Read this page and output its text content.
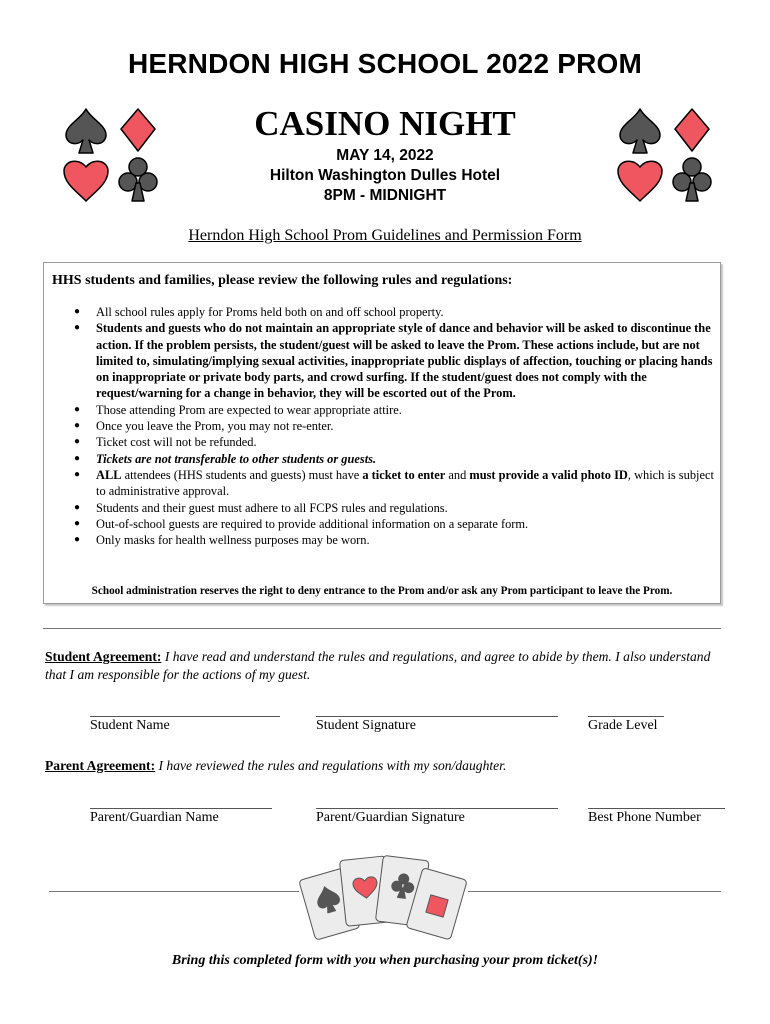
HERNDON HIGH SCHOOL 2022 PROM
CASINO NIGHT
MAY 14, 2022
Hilton Washington Dulles Hotel
8PM - MIDNIGHT
Herndon High School Prom Guidelines and Permission Form
HHS students and families, please review the following rules and regulations:
● All school rules apply for Proms held both on and off school property.
● Students and guests who do not maintain an appropriate style of dance and behavior will be asked to discontinue the action. If the problem persists, the student/guest will be asked to leave the Prom. These actions include, but are not limited to, simulating/implying sexual activities, inappropriate public displays of affection, touching or placing hands on inappropriate or private body parts, and crowd surfing. If the student/guest does not comply with the request/warning for a change in behavior, they will be escorted out of the Prom.
● Those attending Prom are expected to wear appropriate attire.
● Once you leave the Prom, you may not re-enter.
● Ticket cost will not be refunded.
● Tickets are not transferable to other students or guests.
● ALL attendees (HHS students and guests) must have a ticket to enter and must provide a valid photo ID, which is subject to administrative approval.
● Students and their guest must adhere to all FCPS rules and regulations.
● Out-of-school guests are required to provide additional information on a separate form.
● Only masks for health wellness purposes may be worn.
School administration reserves the right to deny entrance to the Prom and/or ask any Prom participant to leave the Prom.
Student Agreement: I have read and understand the rules and regulations, and agree to abide by them. I also understand that I am responsible for the actions of my guest.
Student Name	Student Signature	Grade Level
Parent Agreement: I have reviewed the rules and regulations with my son/daughter.
Parent/Guardian Name	Parent/Guardian Signature	Best Phone Number
Bring this completed form with you when purchasing your prom ticket(s)!
